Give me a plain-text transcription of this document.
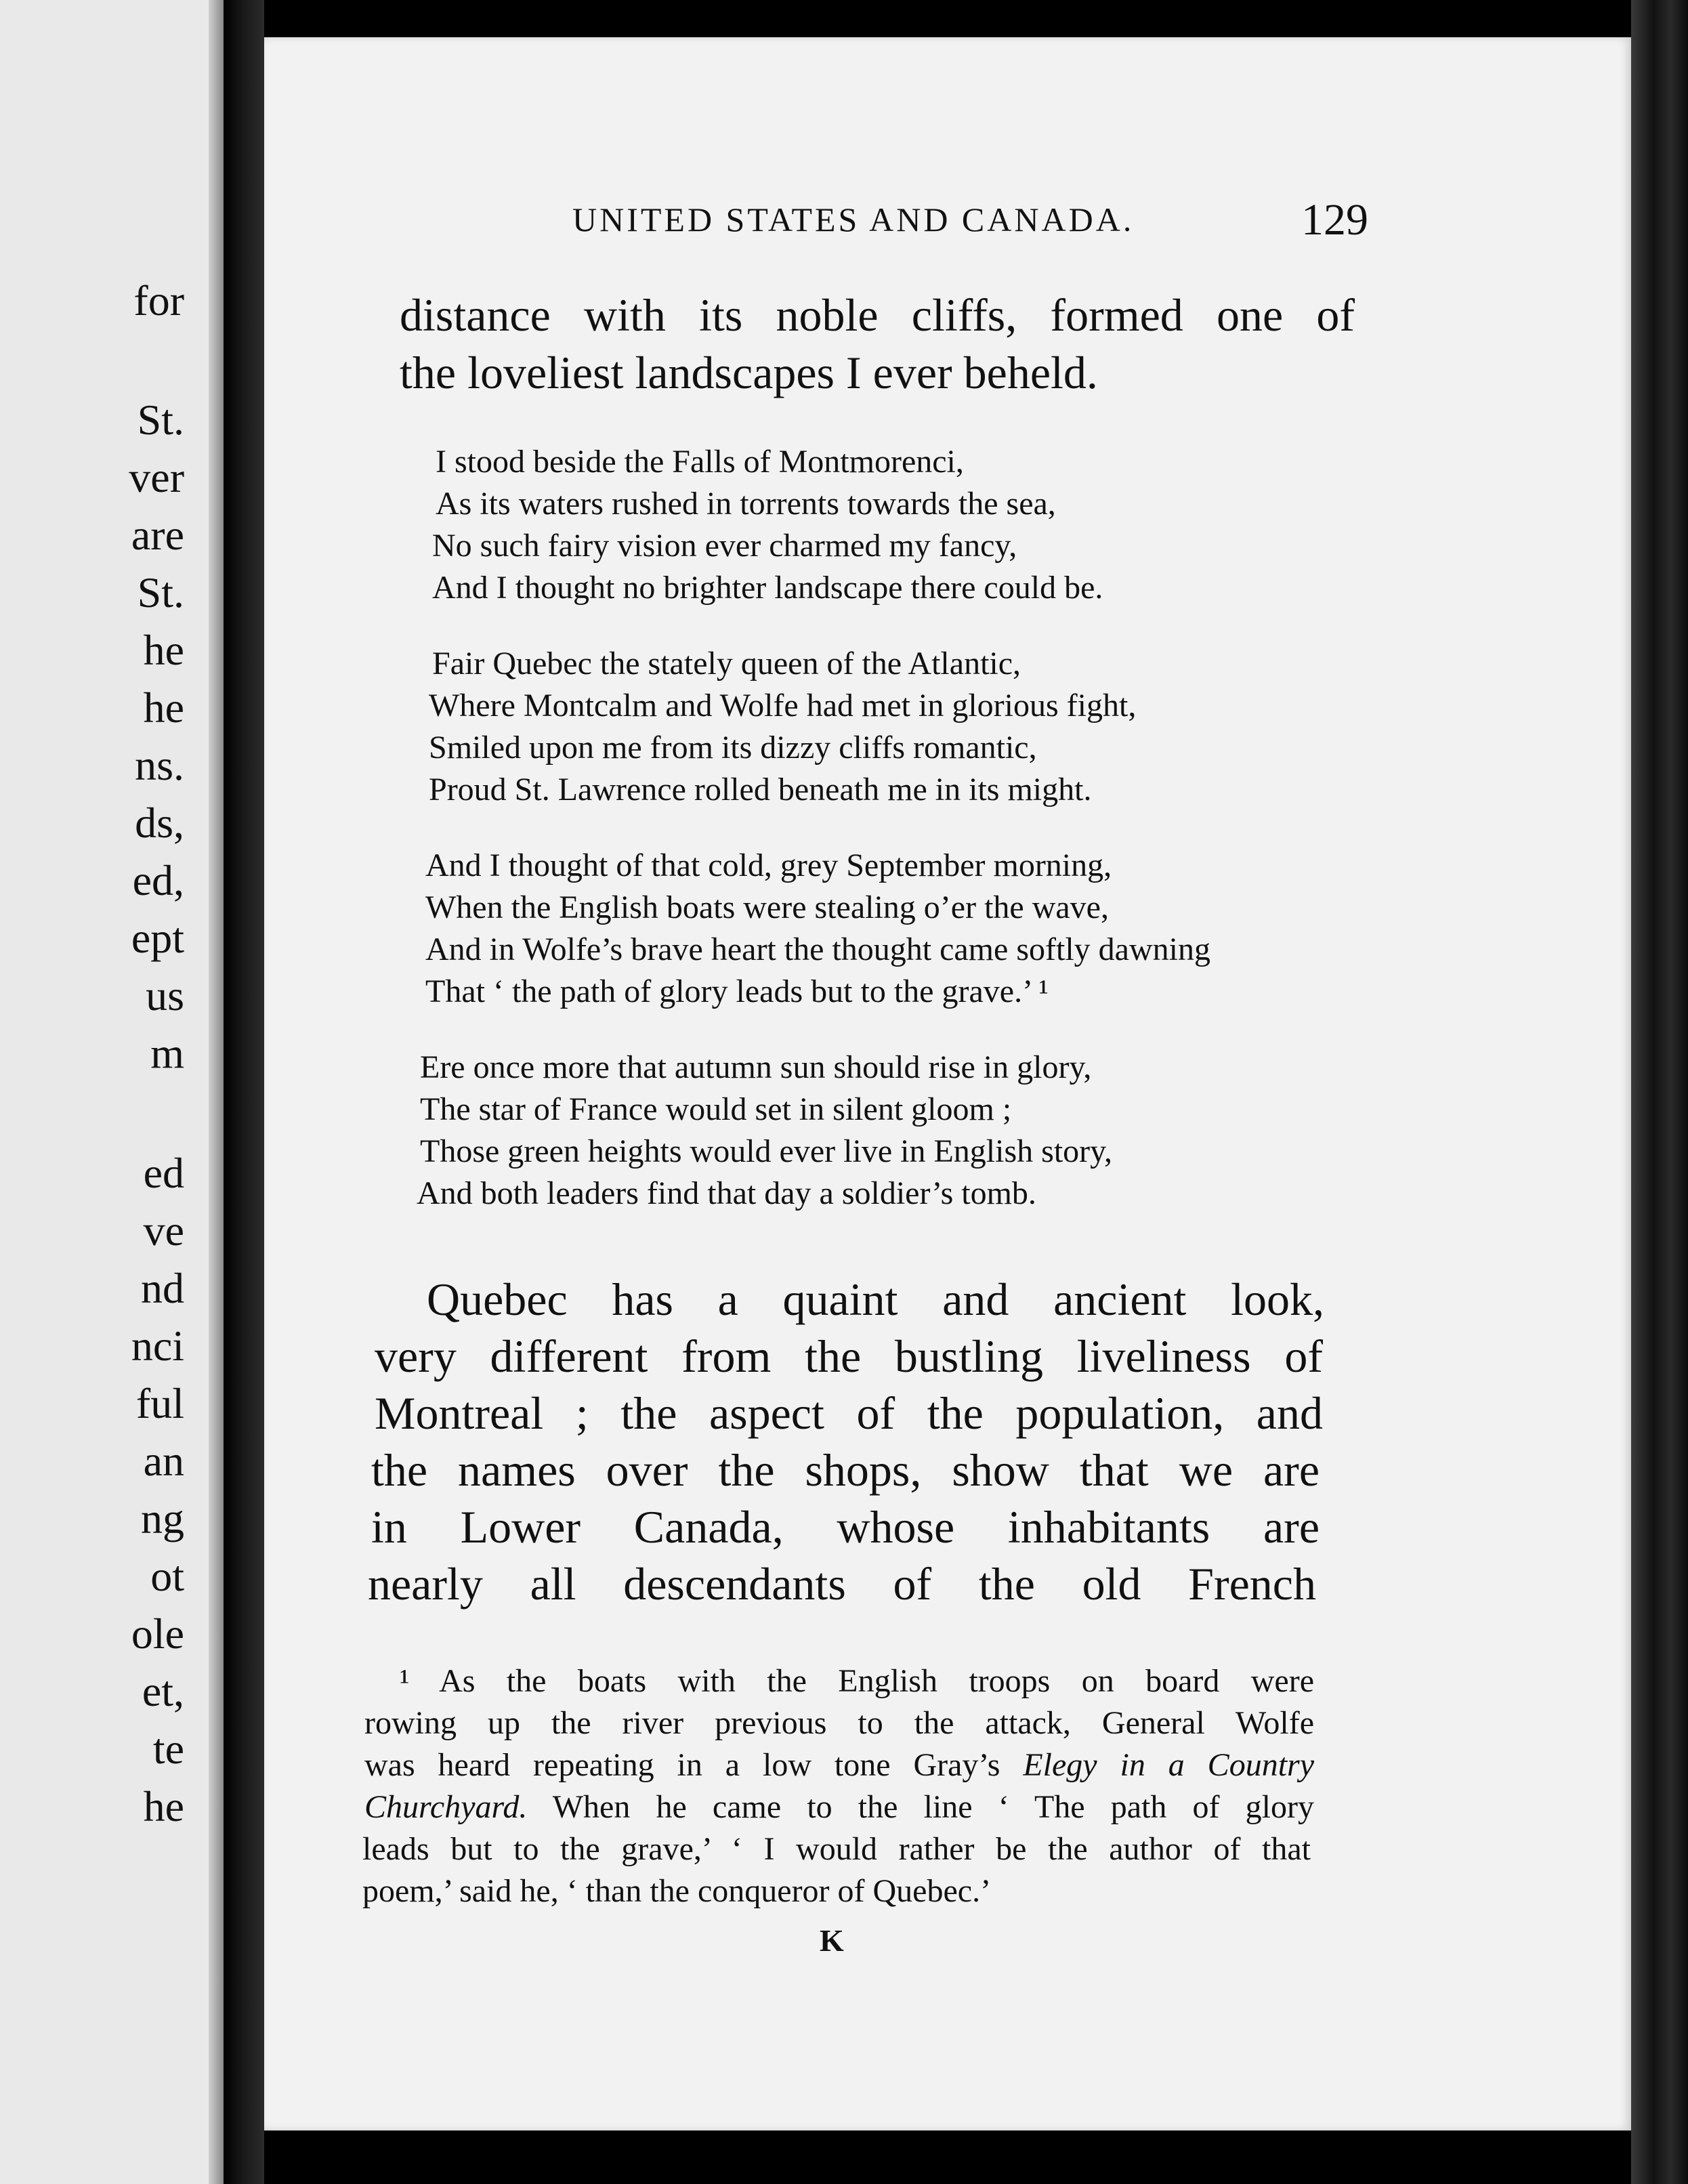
for
St.
ver
are
St.
he
he
ns.
ds,
ed,
ept
us
m
ed
ve
nd
nci
ful
an
ng
ot
ole
et,
te
he
UNITED STATES AND CANADA.	129
distance with its noble cliffs, formed one of
the loveliest landscapes I ever beheld.
I stood beside the Falls of Montmorenci,
As its waters rushed in torrents towards the sea,
No such fairy vision ever charmed my fancy,
And I thought no brighter landscape there could be.
Fair Quebec the stately queen of the Atlantic,
Where Montcalm and Wolfe had met in glorious fight,
Smiled upon me from its dizzy cliffs romantic,
Proud St. Lawrence rolled beneath me in its might.
And I thought of that cold, grey September morning,
When the English boats were stealing o’er the wave,
And in Wolfe’s brave heart the thought came softly dawning
That ‘ the path of glory leads but to the grave.’ ¹
Ere once more that autumn sun should rise in glory,
The star of France would set in silent gloom ;
Those green heights would ever live in English story,
And both leaders find that day a soldier’s tomb.
Quebec has a quaint and ancient look,
very different from the bustling liveliness of
Montreal ; the aspect of the population, and
the names over the shops, show that we are
in Lower Canada, whose inhabitants are
nearly all descendants of the old French
¹ As the boats with the English troops on board were
rowing up the river previous to the attack, General Wolfe
was heard repeating in a low tone Gray’s Elegy in a Country
Churchyard. When he came to the line ‘ The path of glory
leads but to the grave,’ ‘ I would rather be the author of that
poem,’ said he, ‘ than the conqueror of Quebec.’
K
